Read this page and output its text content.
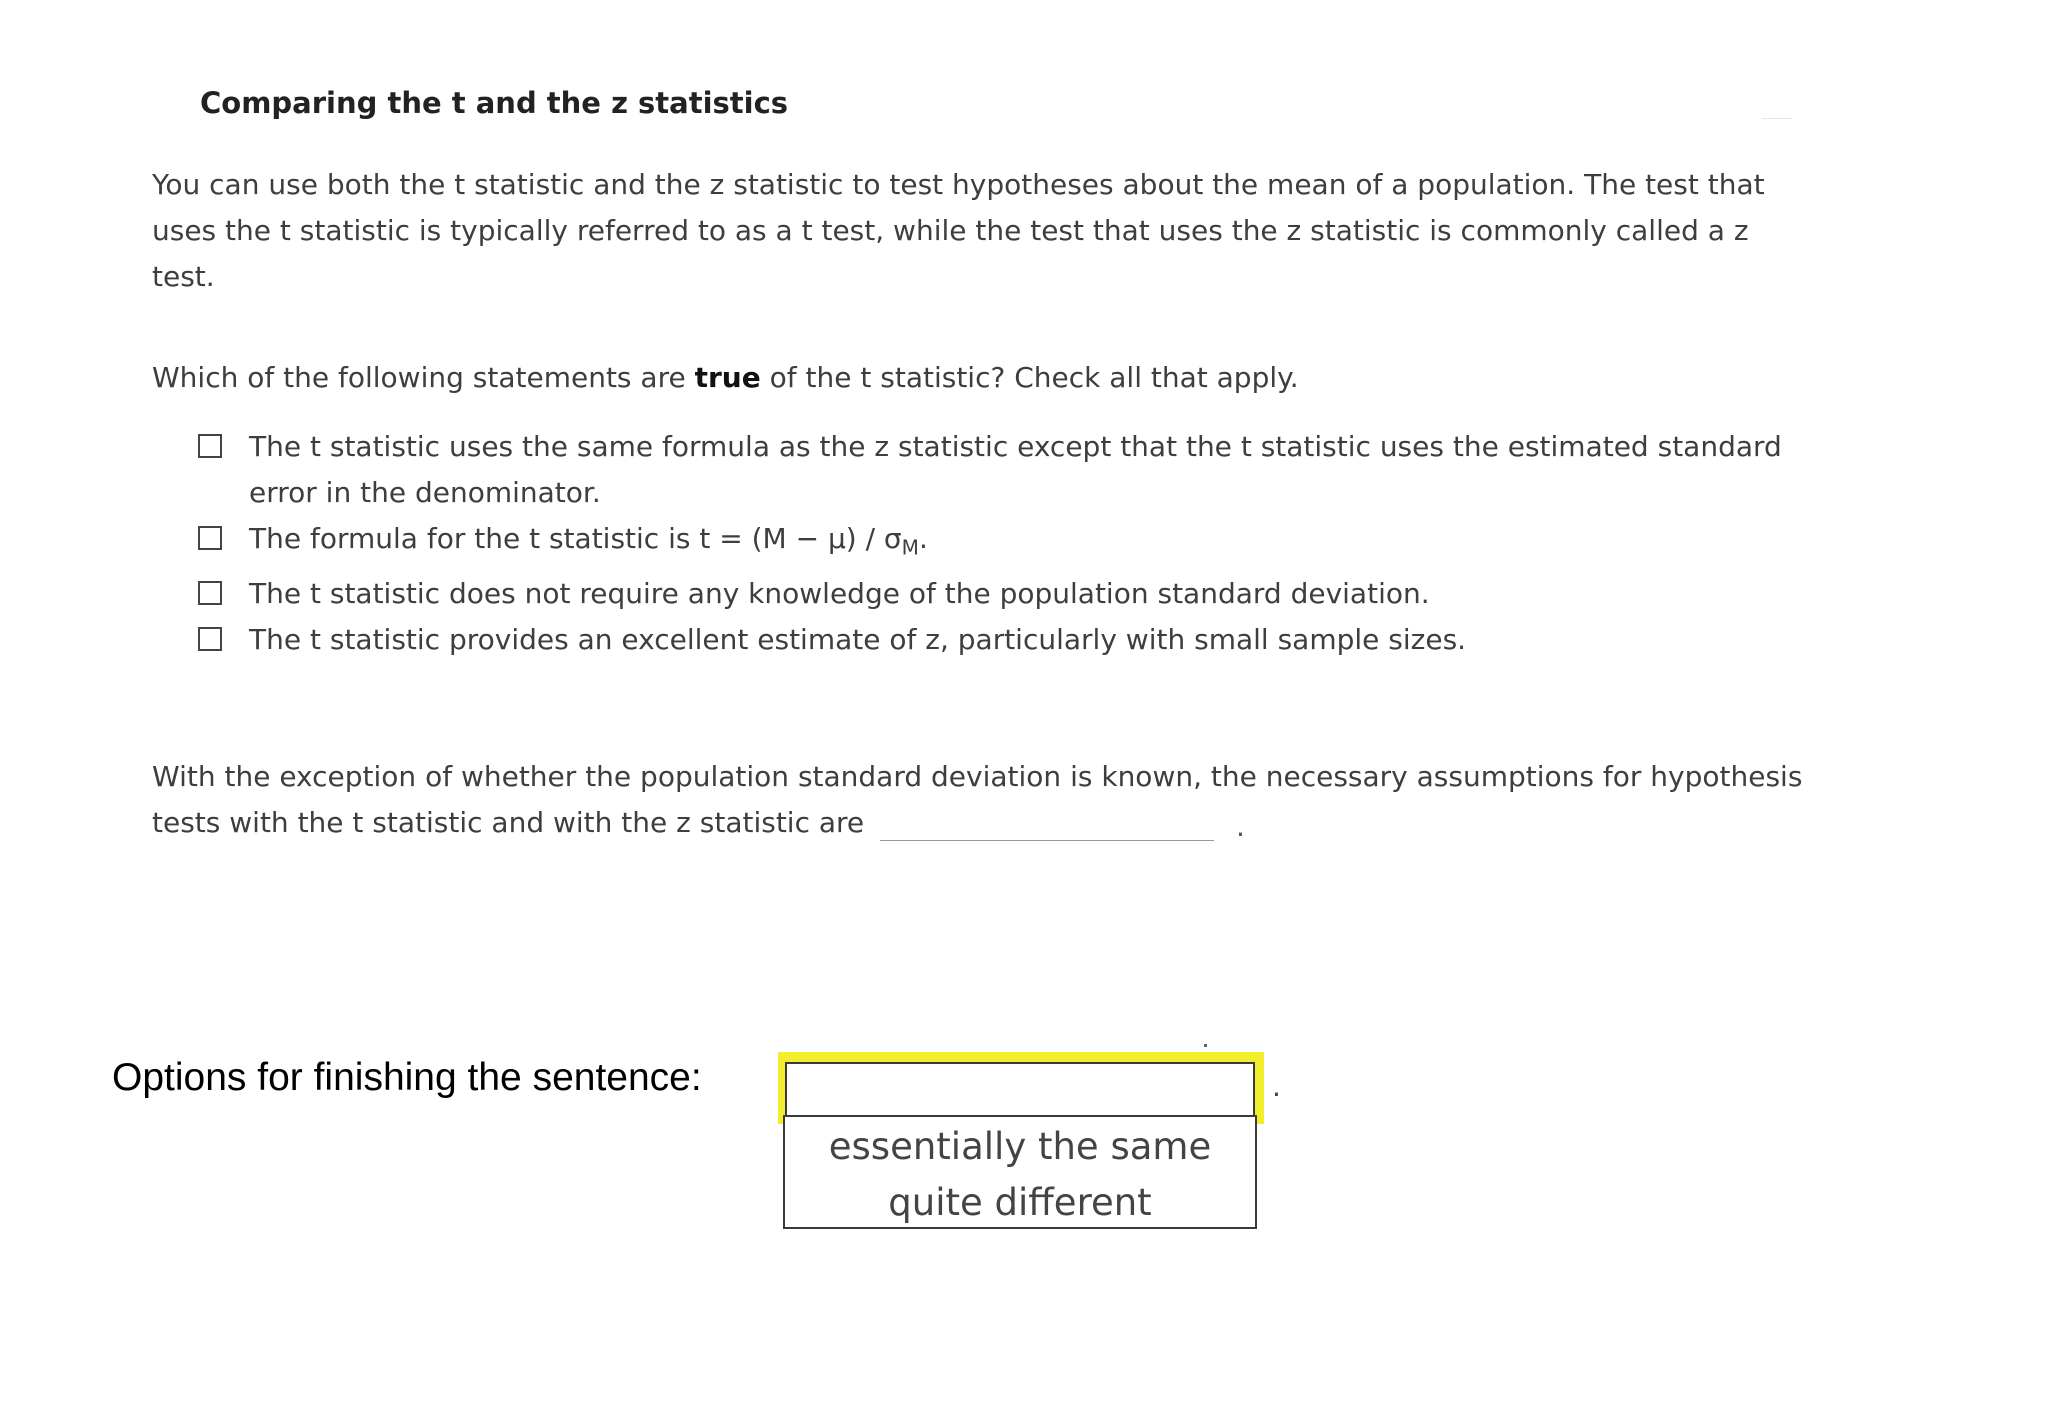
Comparing the t and the z statistics
You can use both the t statistic and the z statistic to test hypotheses about the mean of a population. The test that uses the t statistic is typically referred to as a t test, while the test that uses the z statistic is commonly called a z test.
Which of the following statements are true of the t statistic? Check all that apply.
The t statistic uses the same formula as the z statistic except that the t statistic uses the estimated standard error in the denominator.
The formula for the t statistic is $t = (M - \mu) / \sigma_M$.
The t statistic does not require any knowledge of the population standard deviation.
The t statistic provides an excellent estimate of z, particularly with small sample sizes.
With the exception of whether the population standard deviation is known, the necessary assumptions for hypothesis tests with the t statistic and with the z statistic are	.
Options for finishing the sentence:	.
essentially the same
quite different
